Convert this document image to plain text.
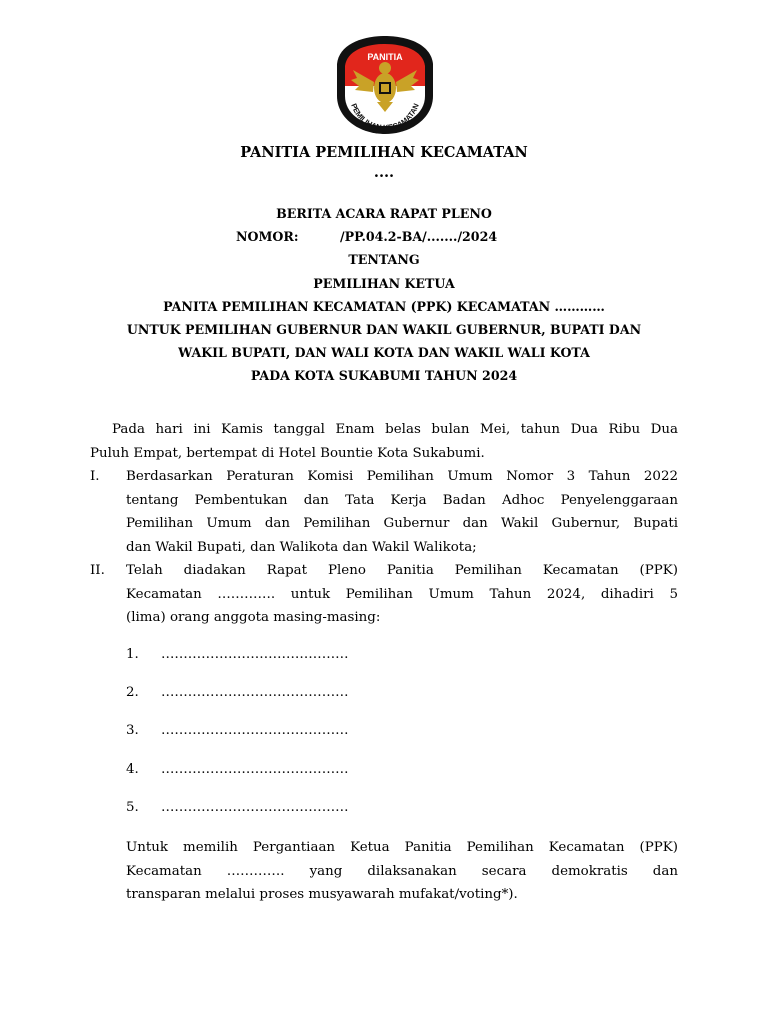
PANITIA
PEMILIHAN KECAMATAN
PANITIA PEMILIHAN KECAMATAN
....
BERITA ACARA RAPAT PLENO
NOMOR:	/PP.04.2-BA/......./2024
TENTANG
PEMILIHAN KETUA
PANITA PEMILIHAN KECAMATAN (PPK) KECAMATAN …………
UNTUK PEMILIHAN GUBERNUR DAN WAKIL GUBERNUR, BUPATI DAN
WAKIL BUPATI, DAN WALI KOTA DAN WAKIL WALI KOTA
PADA KOTA SUKABUMI TAHUN 2024
Pada hari ini Kamis tanggal Enam belas bulan Mei, tahun Dua Ribu Dua
Puluh Empat, bertempat di Hotel Bountie Kota Sukabumi.
I. Berdasarkan Peraturan Komisi Pemilihan Umum Nomor 3 Tahun 2022
tentang Pembentukan dan Tata Kerja Badan Adhoc Penyelenggaraan
Pemilihan Umum dan Pemilihan Gubernur dan Wakil Gubernur, Bupati
dan Wakil Bupati, dan Walikota dan Wakil Walikota;
II. Telah diadakan Rapat Pleno Panitia Pemilihan Kecamatan (PPK)
Kecamatan …………. untuk Pemilihan Umum Tahun 2024, dihadiri 5
(lima) orang anggota masing-masing:
1. ……………………………………
2. ……………………………………
3. ……………………………………
4. ……………………………………
5. ……………………………………
Untuk memilih Pergantiaan Ketua Panitia Pemilihan Kecamatan (PPK)
Kecamatan …………. yang dilaksanakan secara demokratis dan
transparan melalui proses musyawarah mufakat/voting*).
